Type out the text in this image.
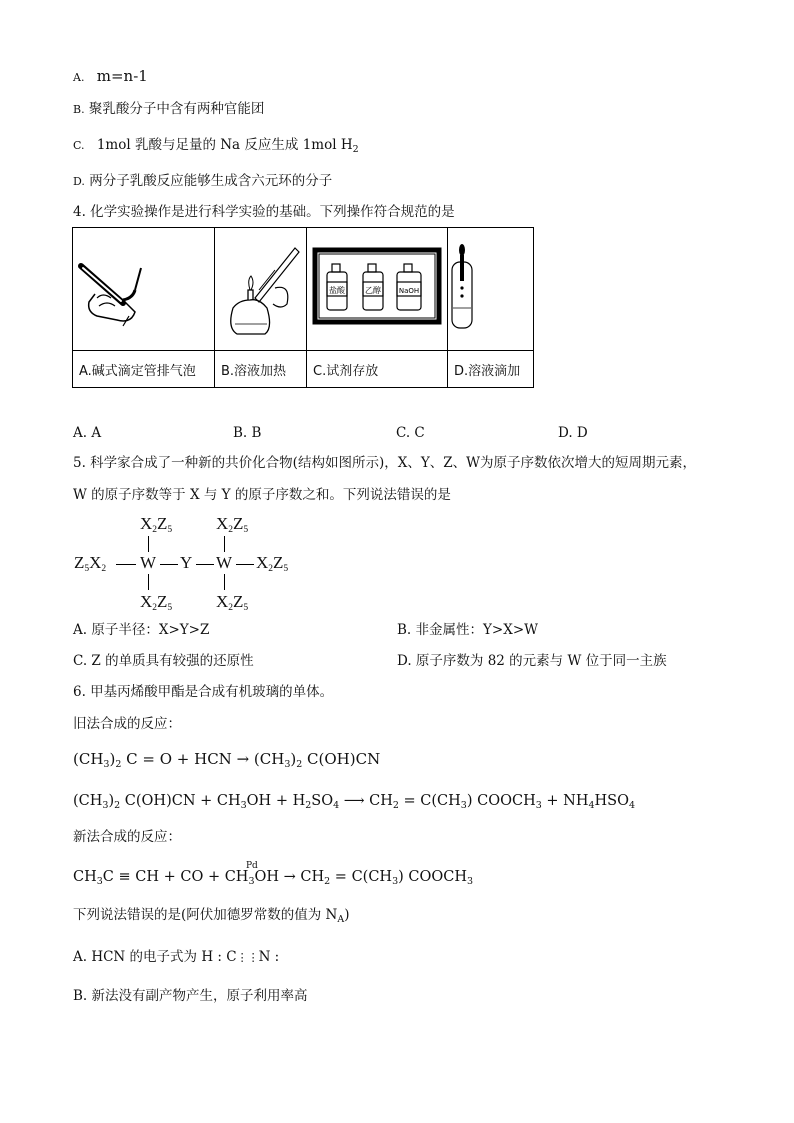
A. m=n-1
B. 聚乳酸分子中含有两种官能团
C. 1mol 乳酸与足量的 Na 反应生成 1mol $H_2$
D. 两分子乳酸反应能够生成含六元环的分子
4. 化学实验操作是进行科学实验的基础。下列操作符合规范的是

盐酸 乙醇 NaOH

A.碱式滴定管排气泡	B.溶液加热	C.试剂存放	D.溶液滴加
A. A	B. B	C. C	D. D
5. 科学家合成了一种新的共价化合物(结构如图所示)，X、Y、Z、W为原子序数依次增大的短周期元素，
W 的原子序数等于 X 与 Y 的原子序数之和。下列说法错误的是
$X_2Z_5$	$X_2Z_5$
$Z_5X_2$ W Y W $X_2Z_5$
$X_2Z_5$	$X_2Z_5$
A. 原子半径：X>Y>Z	B. 非金属性：Y>X>W
C. Z 的单质具有较强的还原性	D. 原子序数为 82 的元素与 W 位于同一主族
6. 甲基丙烯酸甲酯是合成有机玻璃的单体。
旧法合成的反应：
$(CH_3)_2$ C = O + HCN → $(CH_3)_2$ C(OH)CN
$(CH_3)_2$ $C(OH)CN + CH_3OH + H_2SO_4$ ⟶ $CH_2 = C(CH_3)$ $COOCH_3 + NH_4HSO_4$
新法合成的反应：
Pd
$CH_3C$ ≡ CH + CO + $CH_3OH \to CH_2 = C(CH_3)$ $COOCH_3$
下列说法错误的是(阿伏加德罗常数的值为 $N_A$)
A. HCN 的电子式为 H : C⋮⋮N :
B. 新法没有副产物产生，原子利用率高
